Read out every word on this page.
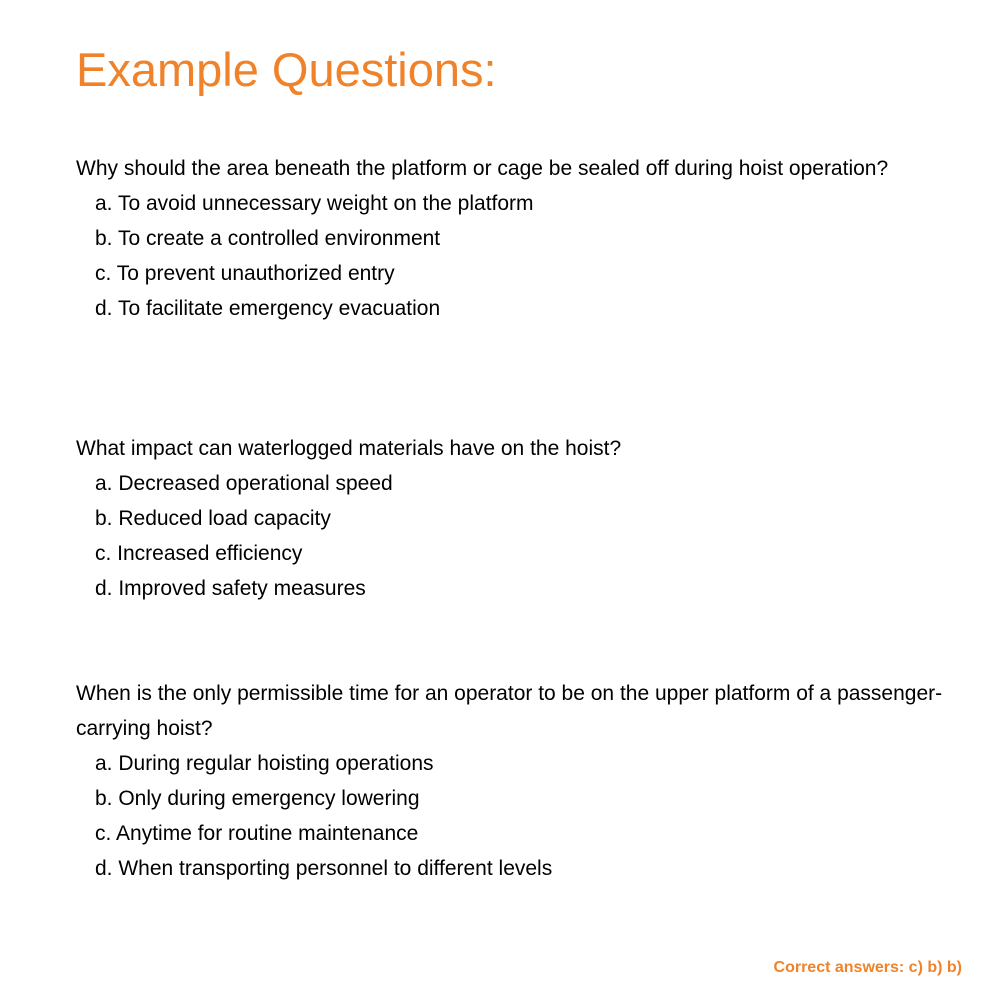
Example Questions:

Why should the area beneath the platform or cage be sealed off during hoist operation?

a. To avoid unnecessary weight on the platform
b. To create a controlled environment
c. To prevent unauthorized entry
d. To facilitate emergency evacuation

What impact can waterlogged materials have on the hoist?

a. Decreased operational speed
b. Reduced load capacity
c. Increased efficiency
d. Improved safety measures

When is the only permissible time for an operator to be on the upper platform of a passenger-carrying hoist?

a. During regular hoisting operations
b. Only during emergency lowering
c. Anytime for routine maintenance
d. When transporting personnel to different levels
Correct answers: c) b) b)
